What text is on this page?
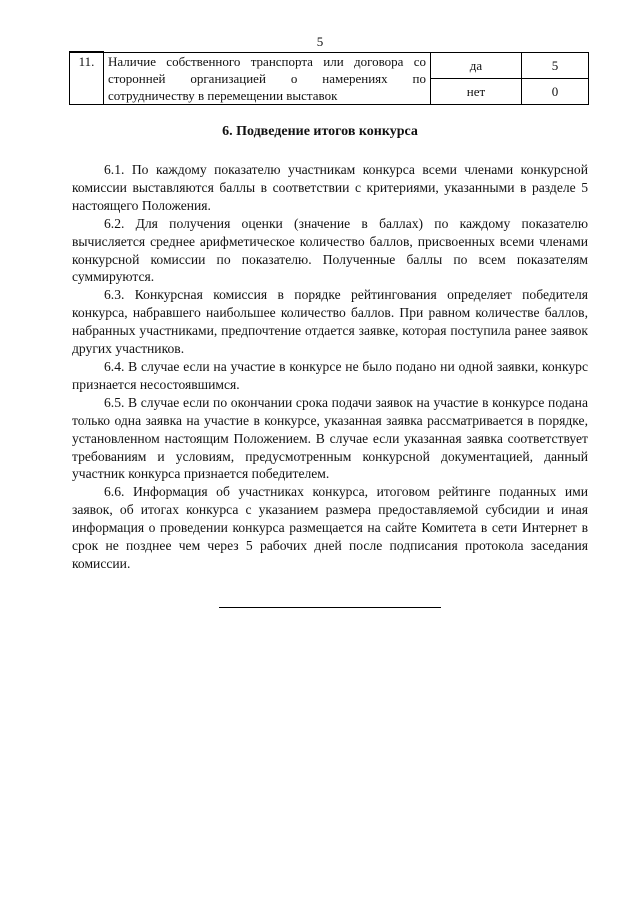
5
11.	Наличие собственного транспорта или договора со сторонней организацией о намерениях по сотрудничеству в перемещении выставок	да	5
		нет	0
6. Подведение итогов конкурса

6.1. По каждому показателю участникам конкурса всеми членами конкурсной комиссии выставляются баллы в соответствии с критериями, указанными в разделе 5 настоящего Положения.

6.2. Для получения оценки (значение в баллах) по каждому показателю вычисляется среднее арифметическое количество баллов, присвоенных всеми членами конкурсной комиссии по показателю. Полученные баллы по всем показателям суммируются.

6.3. Конкурсная комиссия в порядке рейтингования определяет победителя конкурса, набравшего наибольшее количество баллов. При равном количестве баллов, набранных участниками, предпочтение отдается заявке, которая поступила ранее заявок других участников.

6.4. В случае если на участие в конкурсе не было подано ни одной заявки, конкурс признается несостоявшимся.

6.5. В случае если по окончании срока подачи заявок на участие в конкурсе подана только одна заявка на участие в конкурсе, указанная заявка рассматривается в порядке, установленном настоящим Положением. В случае если указанная заявка соответствует требованиям и условиям, предусмотренным конкурсной документацией, данный участник конкурса признается победителем.

6.6. Информация об участниках конкурса, итоговом рейтинге поданных ими заявок, об итогах конкурса с указанием размера предоставляемой субсидии и иная информация о проведении конкурса размещается на сайте Комитета в сети Интернет в срок не позднее чем через 5 рабочих дней после подписания протокола заседания комиссии.
